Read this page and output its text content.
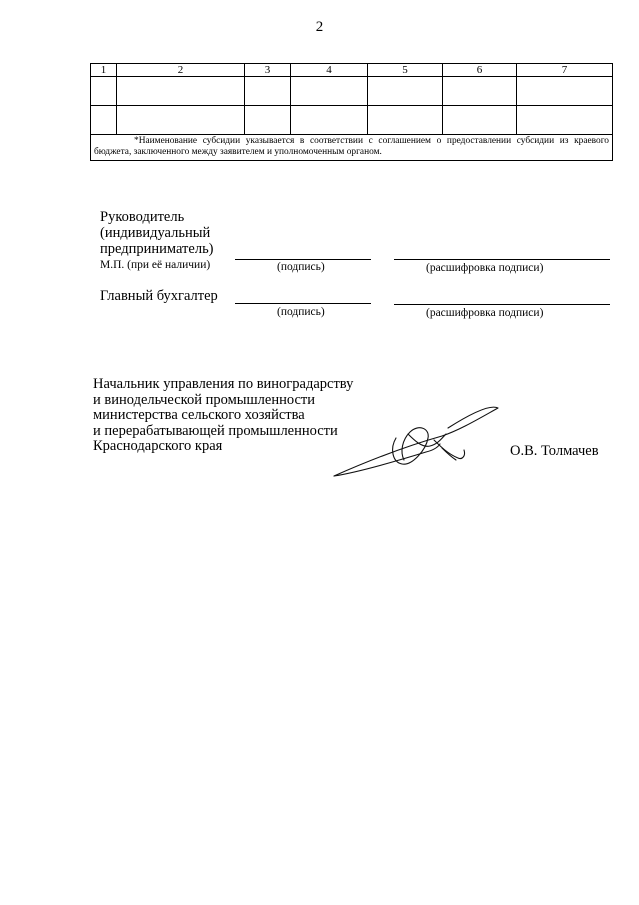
2
1	2	3	4	5	6	7

*Наименование субсидии указывается в соответствии с соглашением о предоставлении субсидии из краевого бюджета, заключенного между заявителем и уполномоченным органом.						
Руководитель
(индивидуальный
предприниматель)
М.П. (при её наличии)	(подпись)	(расшифровка подписи)
Главный бухгалтер
(подпись)	(расшифровка подписи)
Начальник управления по виноградарству
и винодельческой промышленности
министерства сельского хозяйства
и перерабатывающей промышленности
Краснодарского края	О.В. Толмачев
